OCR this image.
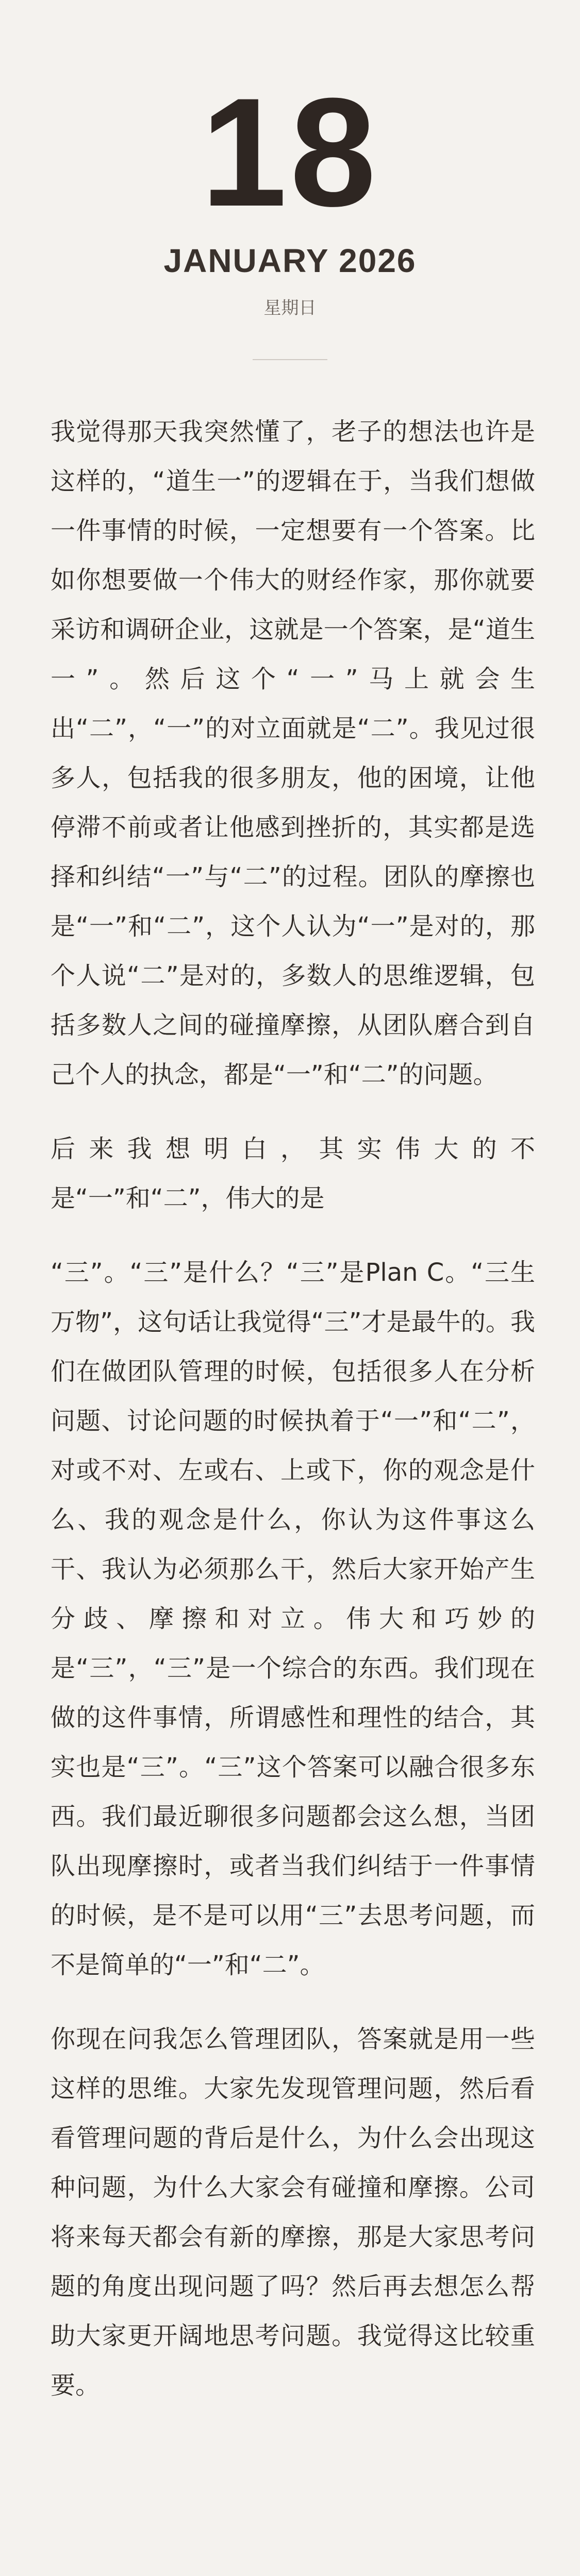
18
JANUARY 2026
星期日

我觉得那天我突然懂了，老子的想法也许是这样的，“道生一”的逻辑在于，当我们想做一件事情的时候，一定想要有一个答案。比如你想要做一个伟大的财经作家，那你就要采访和调研企业，这就是一个答案，是“道生一”。然后这个“一”马上就会生出“二”，“一”的对立面就是“二”。我见过很多人，包括我的很多朋友，他的困境，让他停滞不前或者让他感到挫折的，其实都是选择和纠结“一”与“二”的过程。团队的摩擦也是“一”和“二”，这个人认为“一”是对的，那个人说“二”是对的，多数人的思维逻辑，包括多数人之间的碰撞摩擦，从团队磨合到自己个人的执念，都是“一”和“二”的问题。

后来我想明白，其实伟大的不是“一”和“二”，伟大的是

“三”。“三”是什么？“三”是Plan C。“三生万物”，这句话让我觉得“三”才是最牛的。我们在做团队管理的时候，包括很多人在分析问题、讨论问题的时候执着于“一”和“二”，对或不对、左或右、上或下，你的观念是什么、我的观念是什么，你认为这件事这么干、我认为必须那么干，然后大家开始产生分歧、摩擦和对立。伟大和巧妙的是“三”，“三”是一个综合的东西。我们现在做的这件事情，所谓感性和理性的结合，其实也是“三”。“三”这个答案可以融合很多东西。我们最近聊很多问题都会这么想，当团队出现摩擦时，或者当我们纠结于一件事情的时候，是不是可以用“三”去思考问题，而不是简单的“一”和“二”。

你现在问我怎么管理团队，答案就是用一些这样的思维。大家先发现管理问题，然后看看管理问题的背后是什么，为什么会出现这种问题，为什么大家会有碰撞和摩擦。公司将来每天都会有新的摩擦，那是大家思考问题的角度出现问题了吗？然后再去想怎么帮助大家更开阔地思考问题。我觉得这比较重要。
